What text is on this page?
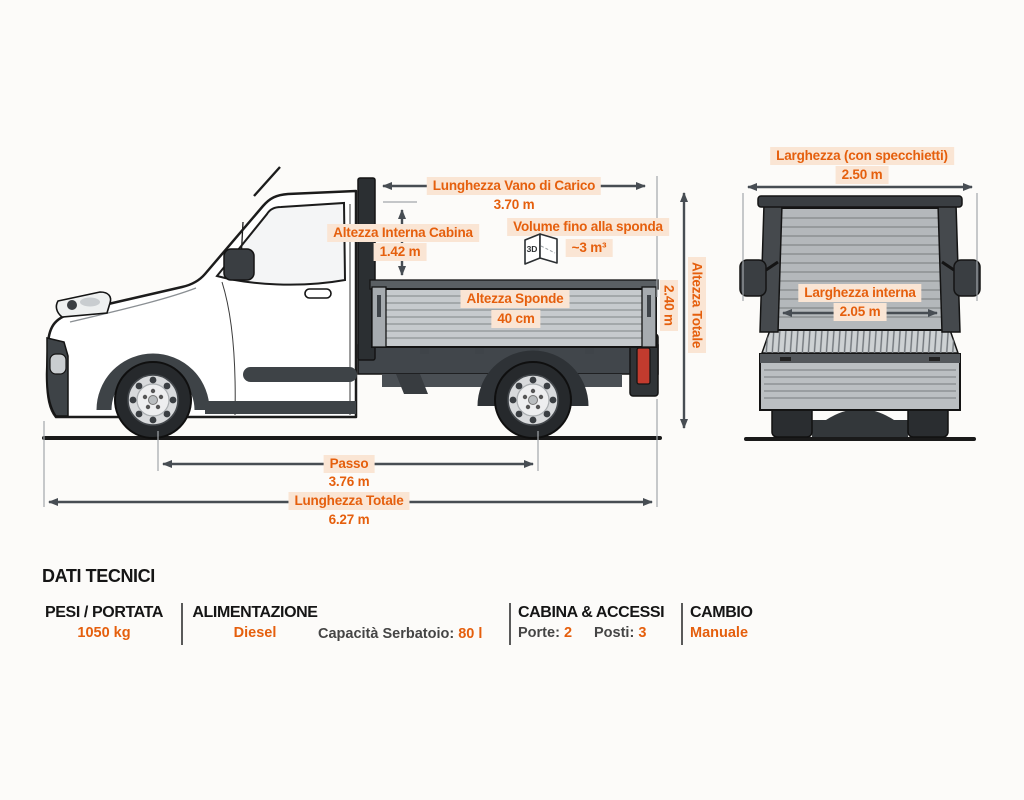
Lunghezza Vano di Carico
3.70 m
Altezza Interna Cabina
1.42 m
Volume fino alla sponda
~3 m³
3D
Altezza Sponde
40 cm	Altezza Totale
2.40 m
Passo
3.76 m
Lunghezza Totale
6.27 m
Larghezza (con specchietti)
2.50 m
Larghezza interna
2.05 m
DATI TECNICI
PESI / PORTATA
1050 kg
ALIMENTAZIONE
Diesel	Capacità Serbatoio: 80 l
CABINA & ACCESSI
Porte: 2 Posti: 3
CAMBIO
Manuale
